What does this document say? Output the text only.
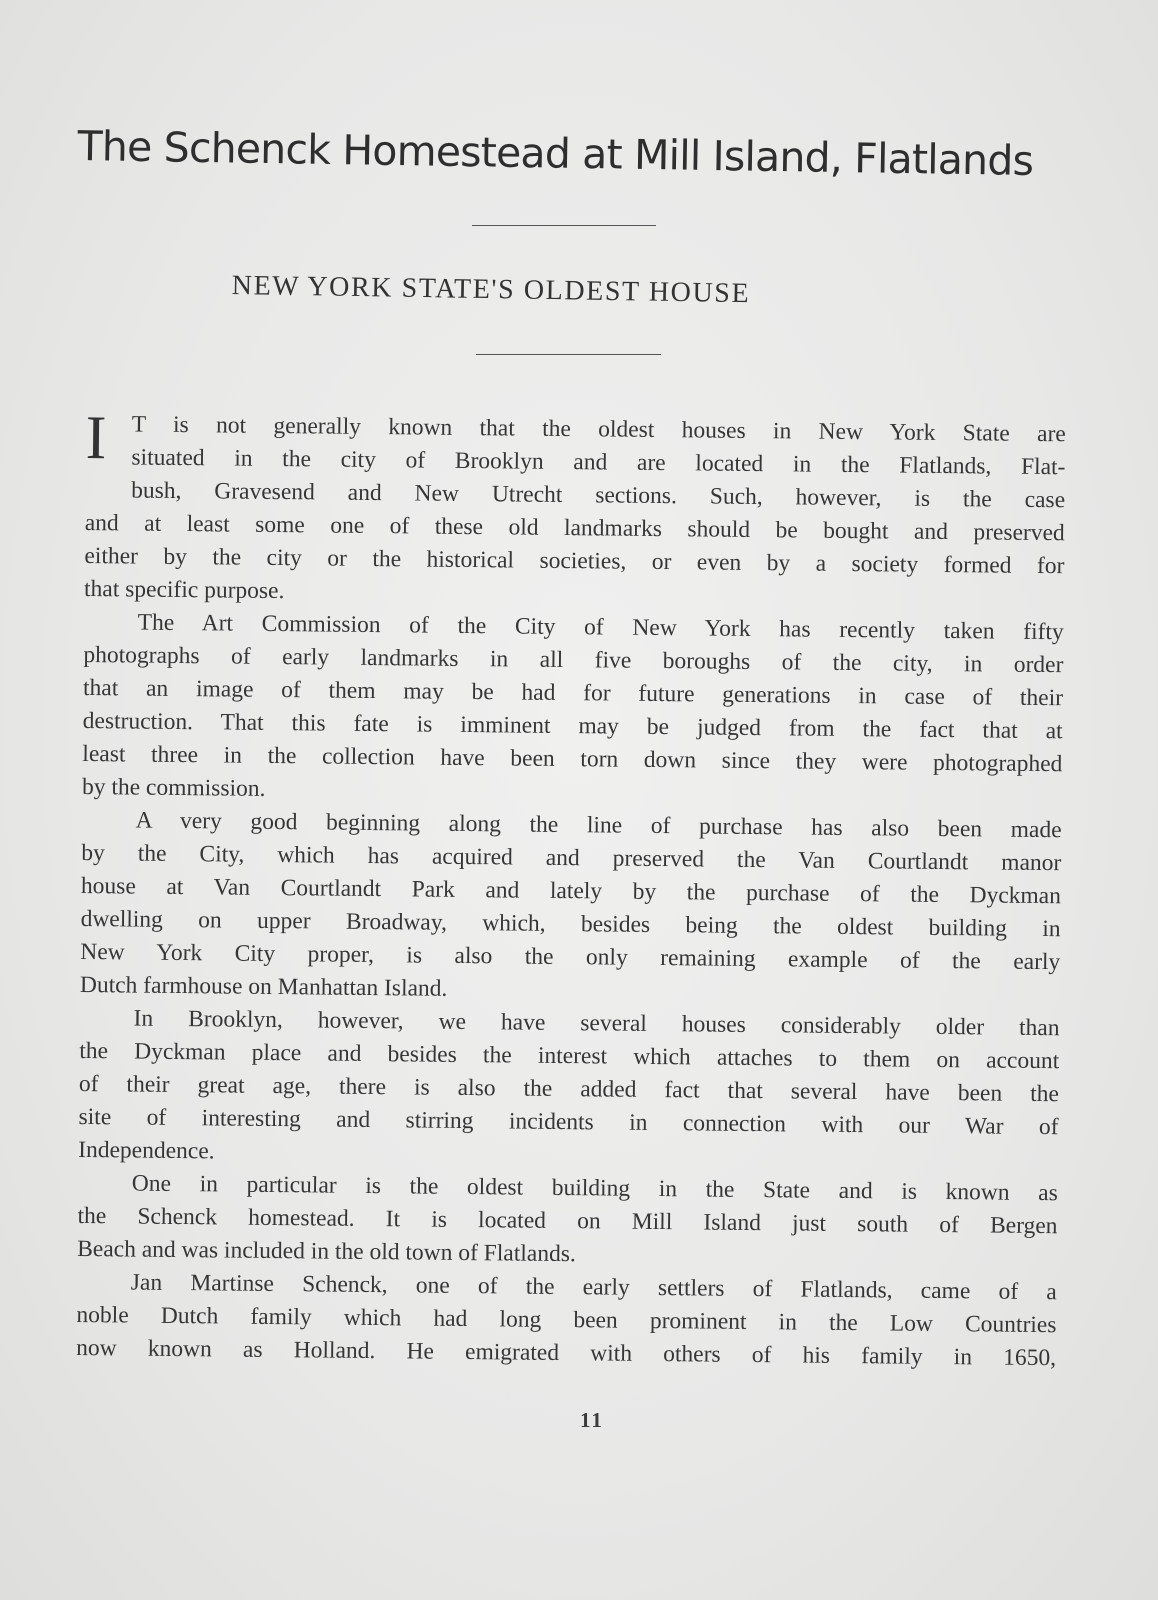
The Schenck Homestead at Mill Island, Flatlands
NEW YORK STATE'S OLDEST HOUSE
I	T is not generally known that the oldest houses in New York State are
situated in the city of Brooklyn and are located in the Flatlands, Flat-
bush, Gravesend and New Utrecht sections. Such, however, is the case
and at least some one of these old landmarks should be bought and preserved
either by the city or the historical societies, or even by a society formed for
that specific purpose.
The Art Commission of the City of New York has recently taken fifty
photographs of early landmarks in all five boroughs of the city, in order
that an image of them may be had for future generations in case of their
destruction. That this fate is imminent may be judged from the fact that at
least three in the collection have been torn down since they were photographed
by the commission.
A very good beginning along the line of purchase has also been made
by the City, which has acquired and preserved the Van Courtlandt manor
house at Van Courtlandt Park and lately by the purchase of the Dyckman
dwelling on upper Broadway, which, besides being the oldest building in
New York City proper, is also the only remaining example of the early
Dutch farmhouse on Manhattan Island.
In Brooklyn, however, we have several houses considerably older than
the Dyckman place and besides the interest which attaches to them on account
of their great age, there is also the added fact that several have been the
site of interesting and stirring incidents in connection with our War of
Independence.
One in particular is the oldest building in the State and is known as
the Schenck homestead. It is located on Mill Island just south of Bergen
Beach and was included in the old town of Flatlands.
Jan Martinse Schenck, one of the early settlers of Flatlands, came of a
noble Dutch family which had long been prominent in the Low Countries
now known as Holland. He emigrated with others of his family in 1650,
11
